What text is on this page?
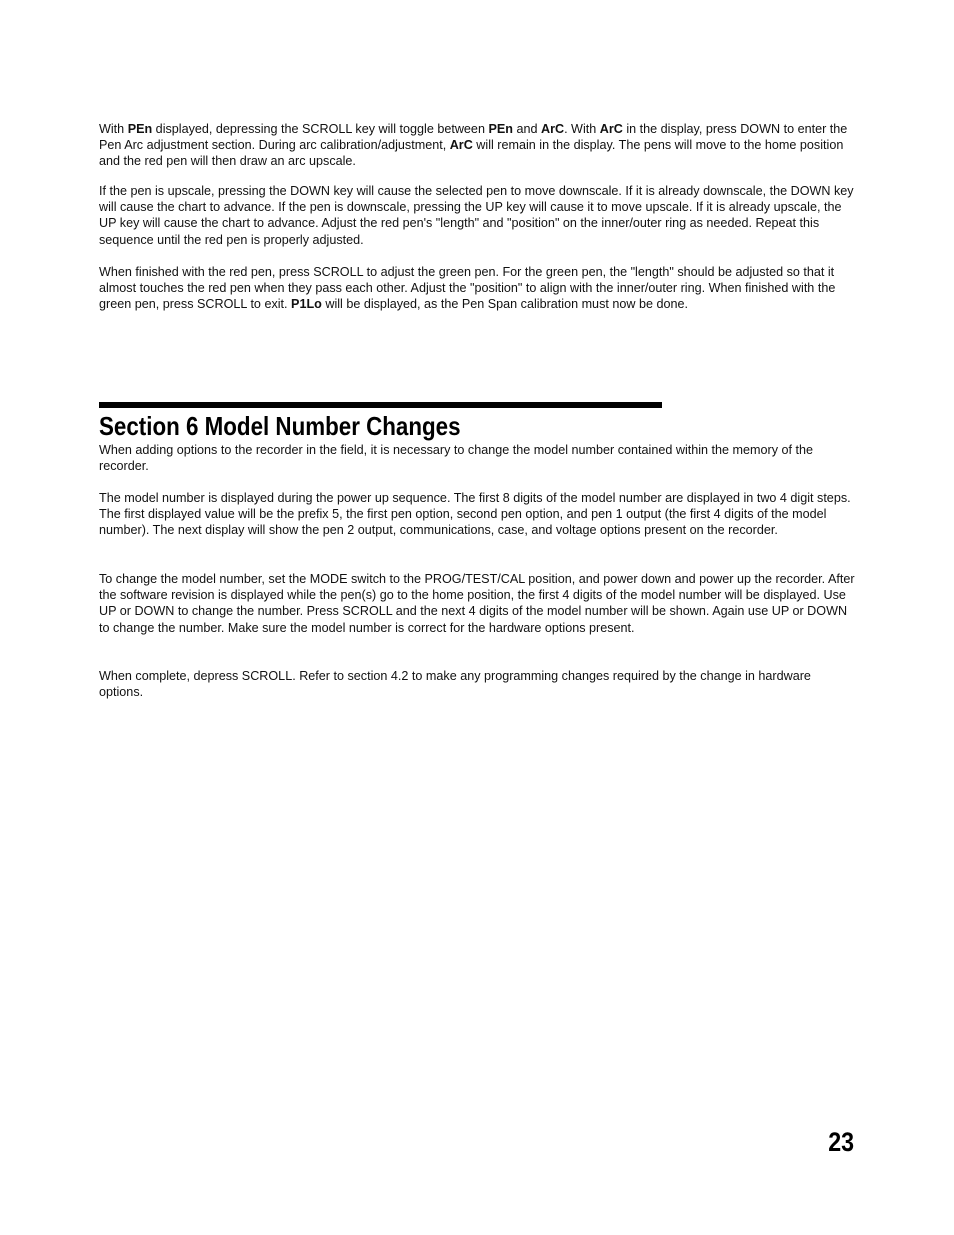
With PEn displayed, depressing the SCROLL key will toggle between PEn and ArC. With ArC in the display, press DOWN to enter the Pen Arc adjustment section. During arc calibration/adjustment, ArC will remain in the display. The pens will move to the home position and the red pen will then draw an arc upscale.

If the pen is upscale, pressing the DOWN key will cause the selected pen to move downscale. If it is already downscale, the DOWN key will cause the chart to advance. If the pen is downscale, pressing the UP key will cause it to move upscale. If it is already upscale, the UP key will cause the chart to advance. Adjust the red pen's "length" and "position" on the inner/outer ring as needed. Repeat this sequence until the red pen is properly adjusted.

When finished with the red pen, press SCROLL to adjust the green pen. For the green pen, the "length" should be adjusted so that it almost touches the red pen when they pass each other. Adjust the "position" to align with the inner/outer ring. When finished with the green pen, press SCROLL to exit. P1Lo will be displayed, as the Pen Span calibration must now be done.

Section 6 Model Number Changes

When adding options to the recorder in the field, it is necessary to change the model number contained within the memory of the recorder.

The model number is displayed during the power up sequence. The first 8 digits of the model number are displayed in two 4 digit steps. The first displayed value will be the prefix 5, the first pen option, second pen option, and pen 1 output (the first 4 digits of the model number). The next display will show the pen 2 output, communications, case, and voltage options present on the recorder.

To change the model number, set the MODE switch to the PROG/TEST/CAL position, and power down and power up the recorder. After the software revision is displayed while the pen(s) go to the home position, the first 4 digits of the model number will be displayed. Use UP or DOWN to change the number. Press SCROLL and the next 4 digits of the model number will be shown. Again use UP or DOWN to change the number. Make sure the model number is correct for the hardware options present.

When complete, depress SCROLL. Refer to section 4.2 to make any programming changes required by the change in hardware options.

23
